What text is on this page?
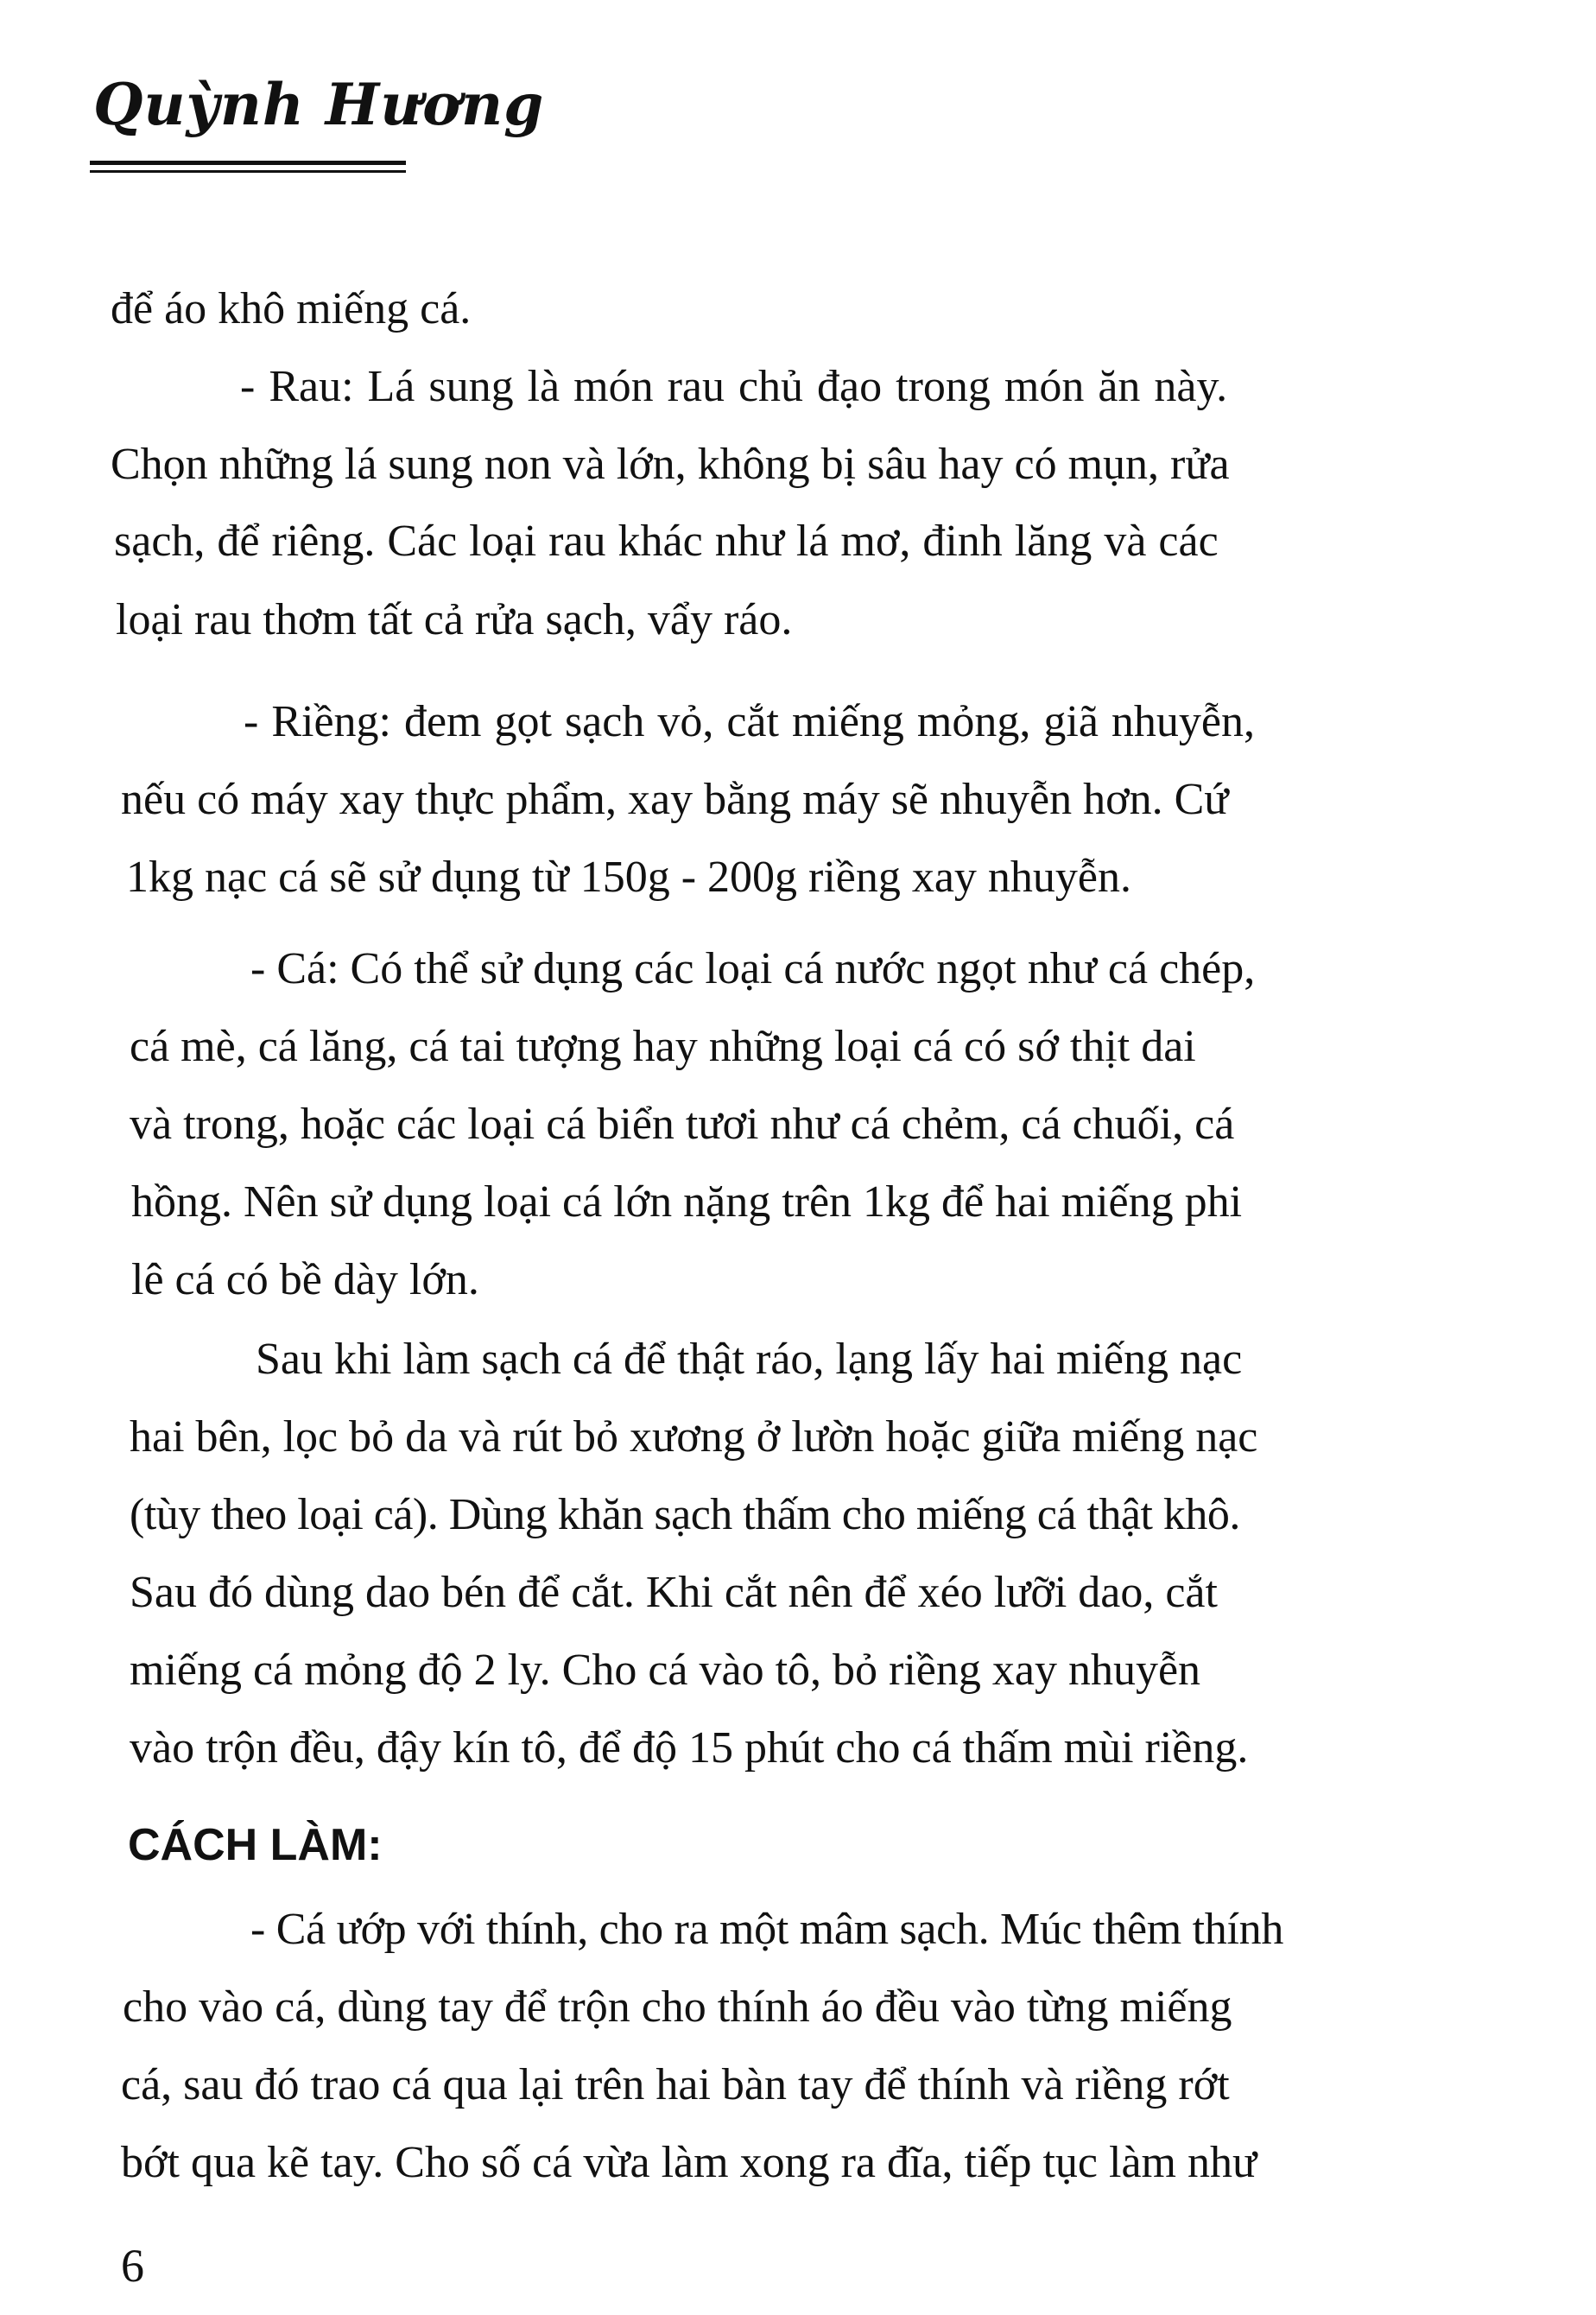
Quỳnh Hương
để áo khô miếng cá.
- Rau: Lá sung là món rau chủ đạo trong món ăn này.
Chọn những lá sung non và lớn, không bị sâu hay có mụn, rửa
sạch, để riêng. Các loại rau khác như lá mơ, đinh lăng và các
loại rau thơm tất cả rửa sạch, vẩy ráo.
- Riềng: đem gọt sạch vỏ, cắt miếng mỏng, giã nhuyễn,
nếu có máy xay thực phẩm, xay bằng máy sẽ nhuyễn hơn. Cứ
1kg nạc cá sẽ sử dụng từ 150g - 200g riềng xay nhuyễn.
- Cá: Có thể sử dụng các loại cá nước ngọt như cá chép,
cá mè, cá lăng, cá tai tượng hay những loại cá có sớ thịt dai
và trong, hoặc các loại cá biển tươi như cá chẻm, cá chuối, cá
hồng. Nên sử dụng loại cá lớn nặng trên 1kg để hai miếng phi
lê cá có bề dày lớn.
Sau khi làm sạch cá để thật ráo, lạng lấy hai miếng nạc
hai bên, lọc bỏ da và rút bỏ xương ở lườn hoặc giữa miếng nạc
(tùy theo loại cá). Dùng khăn sạch thấm cho miếng cá thật khô.
Sau đó dùng dao bén để cắt. Khi cắt nên để xéo lưỡi dao, cắt
miếng cá mỏng độ 2 ly. Cho cá vào tô, bỏ riềng xay nhuyễn
vào trộn đều, đậy kín tô, để độ 15 phút cho cá thấm mùi riềng.
CÁCH LÀM:
- Cá ướp với thính, cho ra một mâm sạch. Múc thêm thính
cho vào cá, dùng tay để trộn cho thính áo đều vào từng miếng
cá, sau đó trao cá qua lại trên hai bàn tay để thính và riềng rớt
bớt qua kẽ tay. Cho số cá vừa làm xong ra đĩa, tiếp tục làm như
6
